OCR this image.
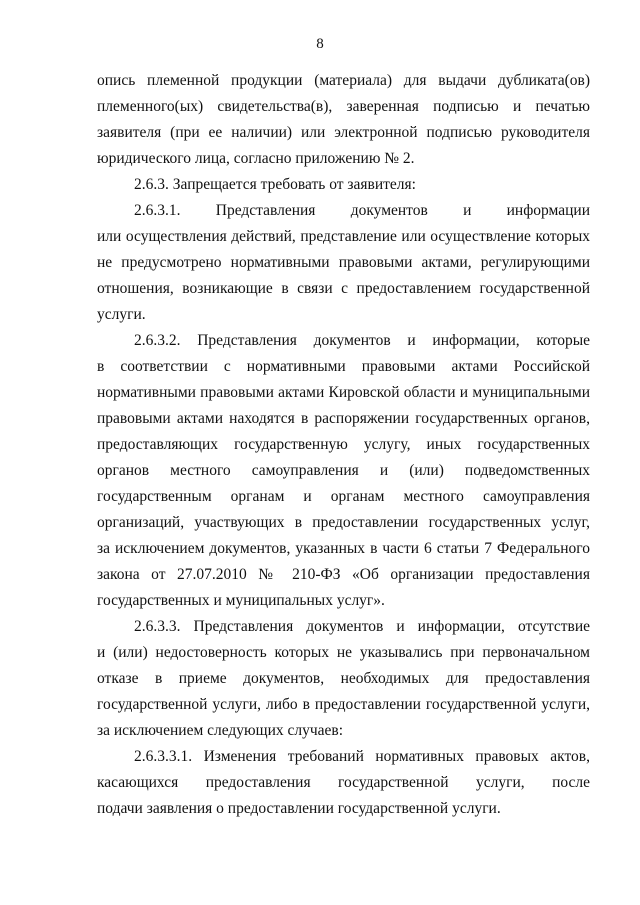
8
опись племенной продукции (материала) для выдачи дубликата(ов)
племенного(ых) свидетельства(в), заверенная подписью и печатью
заявителя (при ее наличии) или электронной подписью руководителя
юридического лица, согласно приложению № 2.
2.6.3. Запрещается требовать от заявителя:
2.6.3.1. Представления документов и информации
или осуществления действий, представление или осуществление которых
не предусмотрено нормативными правовыми актами, регулирующими
отношения, возникающие в связи с предоставлением государственной
услуги.
2.6.3.2. Представления документов и информации, которые
в соответствии с нормативными правовыми актами Российской
нормативными правовыми актами Кировской области и муниципальными
правовыми актами находятся в распоряжении государственных органов,
предоставляющих государственную услугу, иных государственных
органов местного самоуправления и (или) подведомственных
государственным органам и органам местного самоуправления
организаций, участвующих в предоставлении государственных услуг,
за исключением документов, указанных в части 6 статьи 7 Федерального
закона от 27.07.2010 № 210-ФЗ «Об организации предоставления
государственных и муниципальных услуг».
2.6.3.3. Представления документов и информации, отсутствие
и (или) недостоверность которых не указывались при первоначальном
отказе в приеме документов, необходимых для предоставления
государственной услуги, либо в предоставлении государственной услуги,
за исключением следующих случаев:
2.6.3.3.1. Изменения требований нормативных правовых актов,
касающихся предоставления государственной услуги, после
подачи заявления о предоставлении государственной услуги.
